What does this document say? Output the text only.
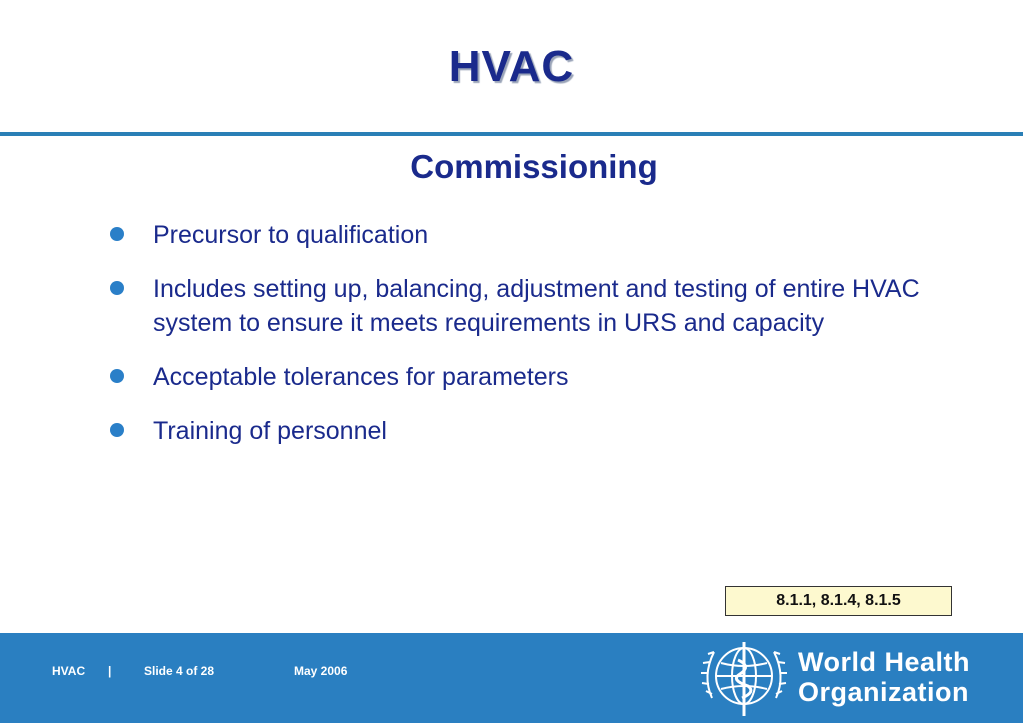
HVAC
Commissioning
Precursor to qualification
Includes setting up, balancing, adjustment and testing of entire HVAC system to ensure it meets requirements in URS and capacity
Acceptable tolerances for parameters
Training of personnel
8.1.1, 8.1.4, 8.1.5
HVAC |	Slide 4 of 28	May 2006	World Health
Organization
